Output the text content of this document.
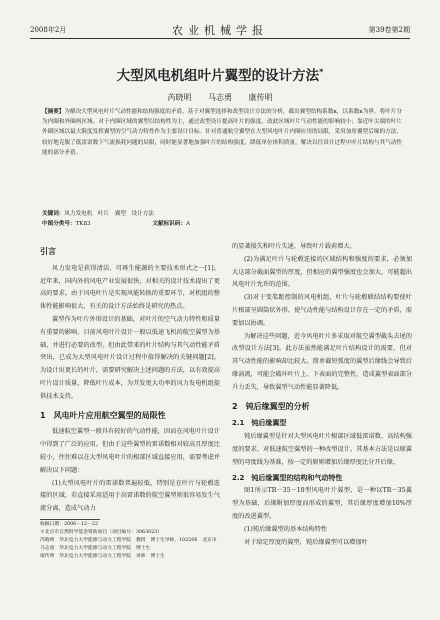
2008年2月	农业机械学报	第39卷第2期
大型风电机组叶片翼型的设计方法*
芮晓明 马志勇 康传明
【摘要】为解决大型风电叶片气动性能和结构强度的矛盾，基于对翼型选择和改型设计方法的分析，截出翼型结构系数κ，以系数κ为界，将叶片分为内圈和外圈两区域。对于内圈区域的翼型以结构性为主，通过改型设计提高叶片的强度，改此区域叶片气动性能的影响较小；靠近叶尖端的叶片外圈区域以最大限度发挥翼型的空气动力特性作为主要设计目标。针对普通航空翼型在大型风电叶片内圈应用的局限，采用加厚翼型后缘的方法，较好地克服了低雷诺数下气流损耗问题的局限，同时能显著地加强叶片的结构强度，降低单位体积质量，解决以往设计过程中叶片结构与其气动性能的部分矛盾。
关键词：风力发电机　叶片　翼型　设计方法
中图分类号：TK83	文献标识码：A
引言

风力发电是获得清洁、可再生能源的主要技术形式之一[1]。近年来，国内外的风电产业发展很快，对相关的设计技术提出了更高的要求。由于风电叶片是实现风能转换的重要环节，对机组的整体性能影响很大，有关的设计方法始终是研究的热点。

翼型作为叶片外形设计的基础，对叶片的空气动力特性和质量有重要的影响。目前风电叶片设计一般以低速飞机的航空翼型为基础，并进行必要的改型。但由此带来的叶片结构与其气动性能矛盾突出，已成为大型风电叶片设计过程中值得解决的关键问题[2]。为设计出更长的叶片，需要研究解决上述问题的方法，以有效提高叶片设计质量，降低叶片成本，为开发更大功率的风力发电机组提供技术支持。

1　风电叶片应用航空翼型的局限性

低速航空翼型一般具有较好的气动性能，因而在风电叶片设计中得到了广泛的应用。但由于这些翼型的雷诺数相对较高且厚度比较小，往往难以在大型风电叶片的根部区域直接应用，需要考虑并解决以下问题：

(1)大型风电叶片的雷诺数普遍较低，特别是在叶片与轮毂连接的区域，若直接采用适用于高雷诺数的航空翼型则很容易发生气流分离，造成气动力

收稿日期：2006－12－22

＊北京市自然科学基金资助项目（项目编号：3063023）

芮晓明　华北电力大学能源与动力工程学院　教授　博士生导师，102206　北京市

马志勇　华北电力大学能源与动力工程学院　博士生

康传明　华北电力大学能源与动力工程学院　讲师　博士生

的显著损失和叶片失速，导致叶片载荷增大。

(2)为满足叶片与轮毂连接的区域结构和强度的要求，必须加大这部分截面翼型的厚度，但相应的翼型强度也会加大，可能超出风电叶片允许的范围。

(3)对于变桨距控制的风电机组，叶片与轮毂联结结构要使叶片根部呈圆筒状外形，使气动性能与结构设计存在一定的矛盾，需要加以协调。

为解决这些问题，近今风电叶片多采取对航空翼型截头去尾的改型设计方法[3]。此方法虽然能满足叶片结构设计的需要，但对其气动性能的影响却比较大。简单截短弧度的翼型后缘线会导致后缘涡流，可能会破坏叶片上、下表面的完整性，造成翼型表面部分升力丢失，导致翼型气动性能显著降低。

2　钝后缘翼型的分析
2.1　钝后缘翼型

钝后缘翼型是针对大型风电叶片根部区域低雷诺数、高结构强度的要求，对低速航空翼型的一种改型设计。其基本方法是以原翼型的弯度线为基准，按一定的原则增加后缘厚度比分开后缘。

2.2　钝后缘翼型的结构和气动特性

图1所示TR－35－10型风电叶片翼型，是一种以TR－35翼型为基础，后缘附加厚度而形成的翼型，其后缘厚度增加10%厚度的改进翼型。

(1)钝后缘翼型的基本结构特性

对于给定厚度的翼型，钝后缘翼型可以增加叶
